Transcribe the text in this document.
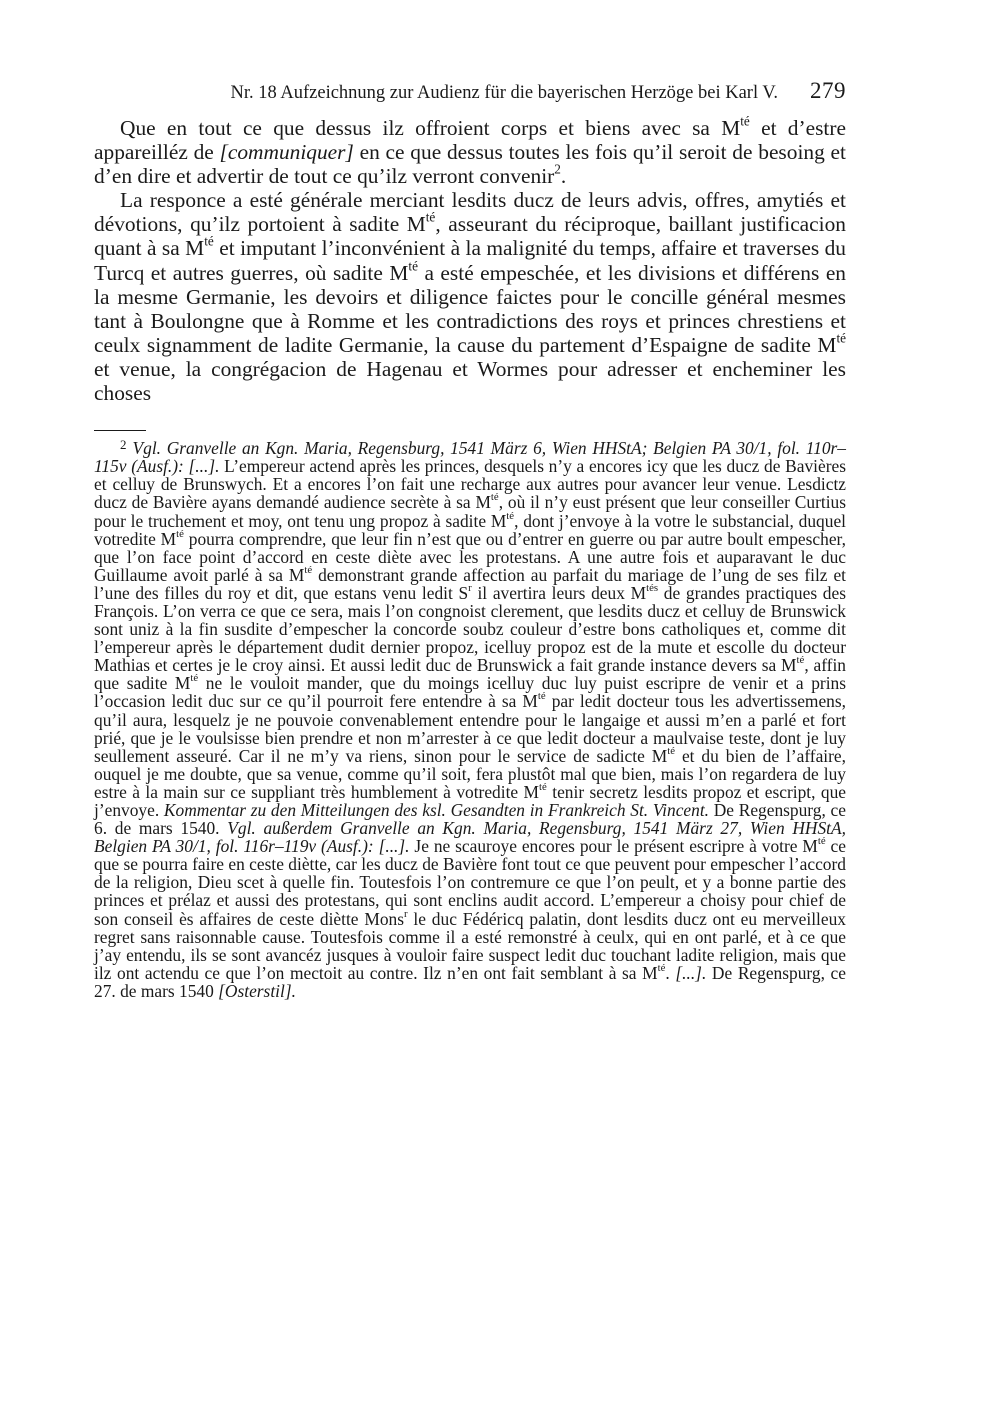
Nr. 18 Aufzeichnung zur Audienz für die bayerischen Herzöge bei Karl V. 279

Que en tout ce que dessus ilz offroient corps et biens avec sa $M^{té}$ et d’estre appareilléz de [communiquer] en ce que dessus toutes les fois qu’il seroit de besoing et d’en dire et advertir de tout ce qu’ilz verront convenir$^2$.

La responce a esté générale merciant lesdits ducz de leurs advis, offres, amytiés et dévotions, qu’ilz portoient à sadite $M^{té}$, asseurant du réciproque, baillant justificacion quant à sa $M^{té}$ et imputant l’inconvénient à la malignité du temps, affaire et traverses du Turcq et autres guerres, où sadite $M^{té}$ a esté empeschée, et les divisions et différens en la mesme Germanie, les devoirs et diligence faictes pour le concille général mesmes tant à Boulongne que à Romme et les contradictions des roys et princes chrestiens et ceulx signamment de ladite Germanie, la cause du partement d’Espaigne de sadite $M^{té}$ et venue, la congrégacion de Hagenau et Wormes pour adresser et encheminer les choses

$^2$ Vgl. Granvelle an Kgn. Maria, Regensburg, 1541 März 6, Wien HHStA; Belgien PA 30/1, fol. 110r–115v (Ausf.): [...]. L’empereur actend après les princes, desquels n’y a encores icy que les ducz de Bavières et celluy de Brunswych. Et a encores l’on fait une recharge aux autres pour avancer leur venue. Lesdictz ducz de Bavière ayans demandé audience secrète à sa $M^{té}$, où il n’y eust présent que leur conseiller Curtius pour le truchement et moy, ont tenu ung propoz à sadite $M^{té}$, dont j’envoye à la votre le substancial, duquel votredite $M^{té}$ pourra comprendre, que leur fin n’est que ou d’entrer en guerre ou par autre boult empescher, que l’on face point d’accord en ceste diète avec les protestans. A une autre fois et auparavant le duc Guillaume avoit parlé à sa $M^{té}$ demonstrant grande affection au parfait du mariage de l’ung de ses filz et l’une des filles du roy et dit, que estans venu ledit $S^r$ il avertira leurs deux $M^{tés}$ de grandes practiques des François. L’on verra ce que ce sera, mais l’on congnoist clerement, que lesdits ducz et celluy de Brunswick sont uniz à la fin susdite d’empescher la concorde soubz couleur d’estre bons catholiques et, comme dit l’empereur après le département dudit dernier propoz, icelluy propoz est de la mute et escolle du docteur Mathias et certes je le croy ainsi. Et aussi ledit duc de Brunswick a fait grande instance devers sa $M^{té}$, affin que sadite $M^{té}$ ne le vouloit mander, que du moings icelluy duc luy puist escripre de venir et a prins l’occasion ledit duc sur ce qu’il pourroit fere entendre à sa $M^{té}$ par ledit docteur tous les advertissemens, qu’il aura, lesquelz je ne pouvoie convenablement entendre pour le langaige et aussi m’en a parlé et fort prié, que je le voulsisse bien prendre et non m’arrester à ce que ledit docteur a maulvaise teste, dont je luy seullement asseuré. Car il ne m’y va riens, sinon pour le service de sadicte $M^{té}$ et du bien de l’affaire, ouquel je me doubte, que sa venue, comme qu’il soit, fera plustôt mal que bien, mais l’on regardera de luy estre à la main sur ce suppliant très humblement à votredite $M^{té}$ tenir secretz lesdits propoz et escript, que j’envoye. Kommentar zu den Mitteilungen des ksl. Gesandten in Frankreich St. Vincent. De Regenspurg, ce 6. de mars 1540. Vgl. außerdem Granvelle an Kgn. Maria, Regensburg, 1541 März 27, Wien HHStA, Belgien PA 30/1, fol. 116r–119v (Ausf.): [...]. Je ne scauroye encores pour le présent escripre à votre $M^{té}$ ce que se pourra faire en ceste diètte, car les ducz de Bavière font tout ce que peuvent pour empescher l’accord de la religion, Dieu scet à quelle fin. Toutesfois l’on contremure ce que l’on peult, et y a bonne partie des princes et prélaz et aussi des protestans, qui sont enclins audit accord. L’empereur a choisy pour chief de son conseil ès affaires de ceste diètte Mons$^r$ le duc Fédéricq palatin, dont lesdits ducz ont eu merveilleux regret sans raisonnable cause. Toutesfois comme il a esté remonstré à ceulx, qui en ont parlé, et à ce que j’ay entendu, ils se sont avancéz jusques à vouloir faire suspect ledit duc touchant ladite religion, mais que ilz ont actendu ce que l’on mectoit au contre. Ilz n’en ont fait semblant à sa $M^{té}$. [...]. De Regenspurg, ce 27. de mars 1540 [Osterstil].
